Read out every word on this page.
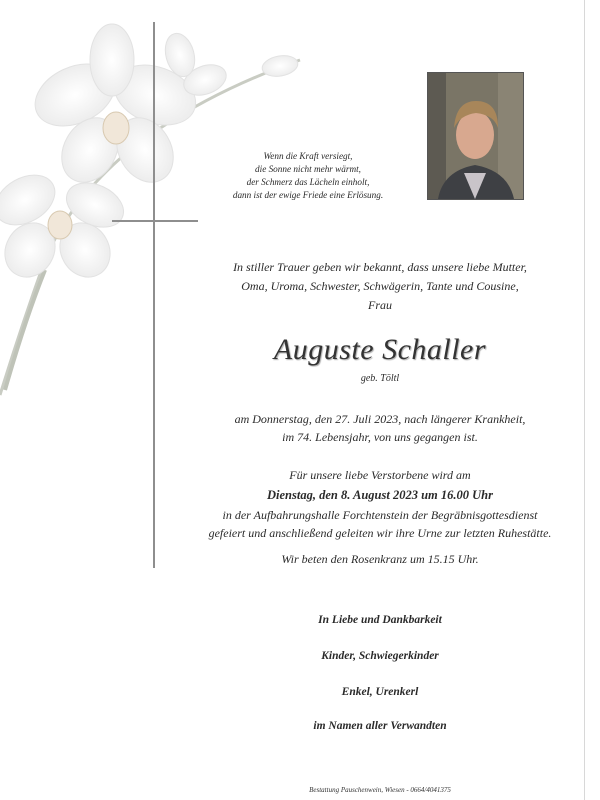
Wenn die Kraft versiegt,
die Sonne nicht mehr wärmt,
der Schmerz das Lächeln einholt,
dann ist der ewige Friede eine Erlösung.
In stiller Trauer geben wir bekannt, dass unsere liebe Mutter,
Oma, Uroma, Schwester, Schwägerin, Tante und Cousine,
Frau
Auguste Schaller
geb. Töltl
am Donnerstag, den 27. Juli 2023, nach längerer Krankheit,
im 74. Lebensjahr, von uns gegangen ist.
Für unsere liebe Verstorbene wird am
Dienstag, den 8. August 2023 um 16.00 Uhr
in der Aufbahrungshalle Forchtenstein der Begräbnisgottesdienst
gefeiert und anschließend geleiten wir ihre Urne zur letzten Ruhestätte.
Wir beten den Rosenkranz um 15.15 Uhr.
In Liebe und Dankbarkeit
Kinder, Schwiegerkinder
Enkel, Urenkerl
im Namen aller Verwandten
Bestattung Pauschenwein, Wiesen - 0664/4041375
